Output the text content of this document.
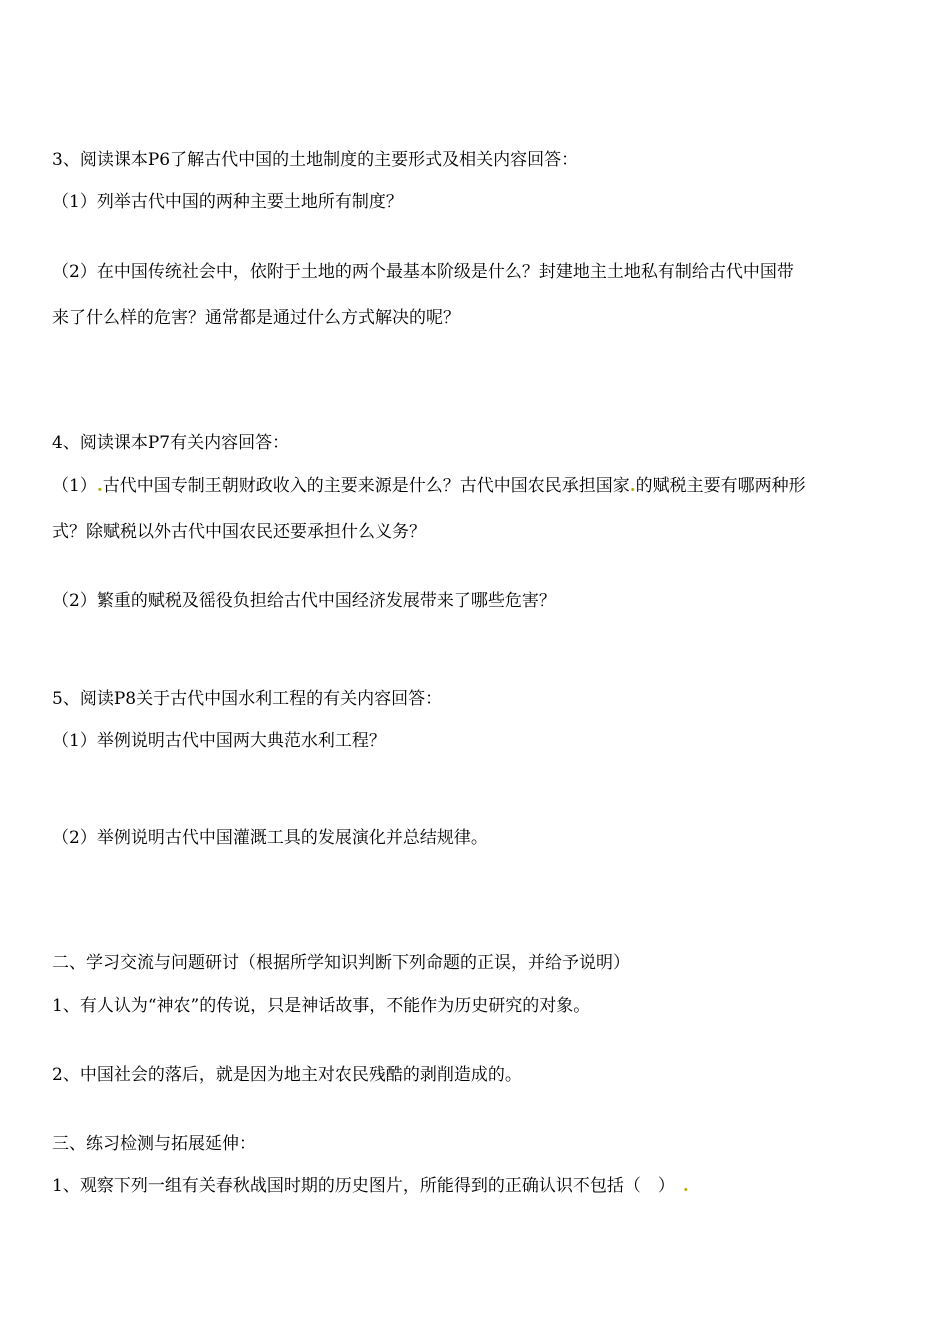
3、阅读课本P6了解古代中国的土地制度的主要形式及相关内容回答：
（1）列举古代中国的两种主要土地所有制度？
（2）在中国传统社会中，依附于土地的两个最基本阶级是什么？封建地主土地私有制给古代中国带
来了什么样的危害？通常都是通过什么方式解决的呢？
4、阅读课本P7有关内容回答：
（1）.古代中国专制王朝财政收入的主要来源是什么？古代中国农民承担国家.的赋税主要有哪两种形
式？除赋税以外古代中国农民还要承担什么义务？
（2）繁重的赋税及徭役负担给古代中国经济发展带来了哪些危害？
5、阅读P8关于古代中国水利工程的有关内容回答：
（1）举例说明古代中国两大典范水利工程？
（2）举例说明古代中国灌溉工具的发展演化并总结规律。
二、学习交流与问题研讨（根据所学知识判断下列命题的正误，并给予说明）
1、有人认为“神农”的传说，只是神话故事，不能作为历史研究的对象。
2、中国社会的落后，就是因为地主对农民残酷的剥削造成的。
三、练习检测与拓展延伸：
1、观察下列一组有关春秋战国时期的历史图片，所能得到的正确认识不包括（　） .
